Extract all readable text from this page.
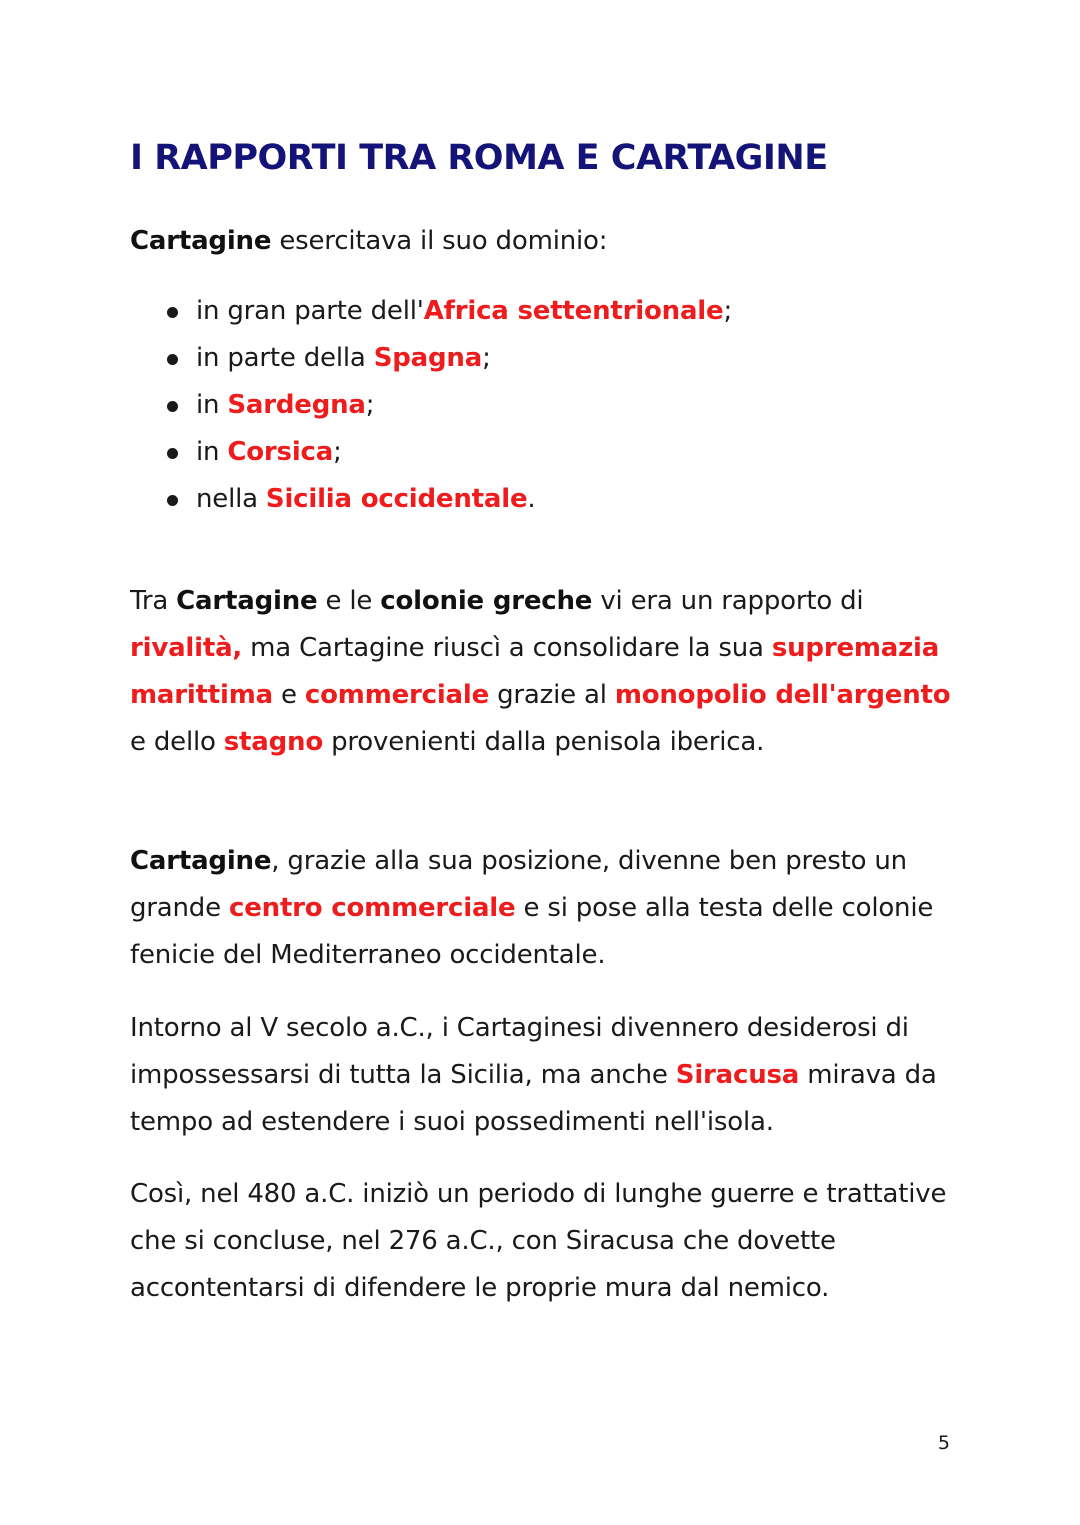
I RAPPORTI TRA ROMA E CARTAGINE

Cartagine esercitava il suo dominio:

in gran parte dell'Africa settentrionale;
in parte della Spagna;
in Sardegna;
in Corsica;
nella Sicilia occidentale.

Tra Cartagine e le colonie greche vi era un rapporto di rivalità, ma Cartagine riuscì a consolidare la sua supremazia marittima e commerciale grazie al monopolio dell'argento e dello stagno provenienti dalla penisola iberica.

Cartagine, grazie alla sua posizione, divenne ben presto un grande centro commerciale e si pose alla testa delle colonie fenicie del Mediterraneo occidentale.

Intorno al V secolo a.C., i Cartaginesi divennero desiderosi di impossessarsi di tutta la Sicilia, ma anche Siracusa mirava da tempo ad estendere i suoi possedimenti nell'isola.

Così, nel 480 a.C. iniziò un periodo di lunghe guerre e trattative che si concluse, nel 276 a.C., con Siracusa che dovette accontentarsi di difendere le proprie mura dal nemico.

5
